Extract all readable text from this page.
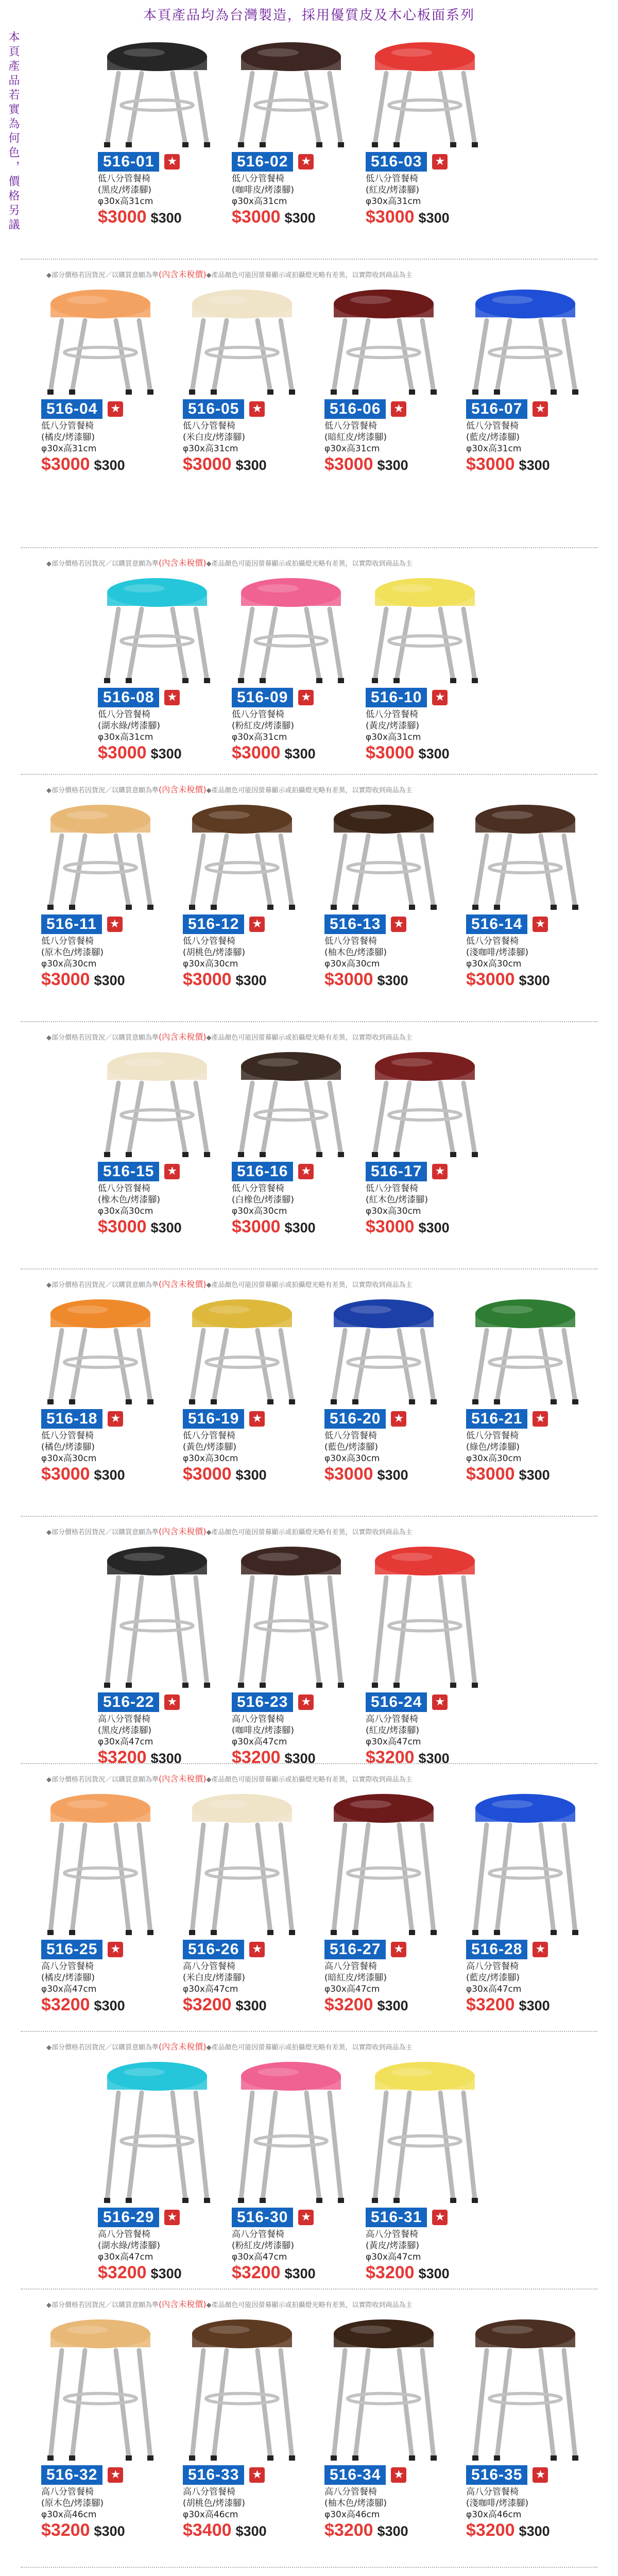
本頁產品均為台灣製造，採用優質皮及木心板面系列
本頁產品若實為何色，價格另議	516-01	★
低八分管餐椅
(黑皮/烤漆腳)
φ30x高31cm
$3000 $300
516-02	★
低八分管餐椅
(咖啡皮/烤漆腳)
φ30x高31cm
$3000 $300
516-03	★
低八分管餐椅
(紅皮/烤漆腳)
φ30x高31cm
$3000 $300
◆部分價格若因貨況／以購買意願為準(內含未稅價)◆產品顏色可能因螢幕顯示或拍攝燈光略有差異，以實際收到商品為主
516-04	★
低八分管餐椅
(橘皮/烤漆腳)
φ30x高31cm
$3000 $300
516-05	★
低八分管餐椅
(米白皮/烤漆腳)
φ30x高31cm
$3000 $300
516-06	★
低八分管餐椅
(暗紅皮/烤漆腳)
φ30x高31cm
$3000 $300
516-07	★
低八分管餐椅
(藍皮/烤漆腳)
φ30x高31cm
$3000 $300
◆部分價格若因貨況／以購買意願為準(內含未稅價)◆產品顏色可能因螢幕顯示或拍攝燈光略有差異，以實際收到商品為主
516-08	★
低八分管餐椅
(湖水綠/烤漆腳)
φ30x高31cm
$3000 $300
516-09	★
低八分管餐椅
(粉紅皮/烤漆腳)
φ30x高31cm
$3000 $300
516-10	★
低八分管餐椅
(黃皮/烤漆腳)
φ30x高31cm
$3000 $300
◆部分價格若因貨況／以購買意願為準(內含未稅價)◆產品顏色可能因螢幕顯示或拍攝燈光略有差異，以實際收到商品為主
516-11	★
低八分管餐椅
(原木色/烤漆腳)
φ30x高30cm
$3000 $300
516-12	★
低八分管餐椅
(胡桃色/烤漆腳)
φ30x高30cm
$3000 $300
516-13	★
低八分管餐椅
(柚木色/烤漆腳)
φ30x高30cm
$3000 $300
516-14	★
低八分管餐椅
(淺咖啡/烤漆腳)
φ30x高30cm
$3000 $300
◆部分價格若因貨況／以購買意願為準(內含未稅價)◆產品顏色可能因螢幕顯示或拍攝燈光略有差異，以實際收到商品為主
516-15	★
低八分管餐椅
(橡木色/烤漆腳)
φ30x高30cm
$3000 $300
516-16	★
低八分管餐椅
(白橡色/烤漆腳)
φ30x高30cm
$3000 $300
516-17	★
低八分管餐椅
(紅木色/烤漆腳)
φ30x高30cm
$3000 $300
◆部分價格若因貨況／以購買意願為準(內含未稅價)◆產品顏色可能因螢幕顯示或拍攝燈光略有差異，以實際收到商品為主
516-18	★
低八分管餐椅
(橘色/烤漆腳)
φ30x高30cm
$3000 $300
516-19	★
低八分管餐椅
(黃色/烤漆腳)
φ30x高30cm
$3000 $300
516-20	★
低八分管餐椅
(藍色/烤漆腳)
φ30x高30cm
$3000 $300
516-21	★
低八分管餐椅
(綠色/烤漆腳)
φ30x高30cm
$3000 $300
◆部分價格若因貨況／以購買意願為準(內含未稅價)◆產品顏色可能因螢幕顯示或拍攝燈光略有差異，以實際收到商品為主
516-22	★
高八分管餐椅
(黑皮/烤漆腳)
φ30x高47cm
$3200 $300
516-23	★
高八分管餐椅
(咖啡皮/烤漆腳)
φ30x高47cm
$3200 $300
516-24	★
高八分管餐椅
(紅皮/烤漆腳)
φ30x高47cm
$3200 $300
◆部分價格若因貨況／以購買意願為準(內含未稅價)◆產品顏色可能因螢幕顯示或拍攝燈光略有差異，以實際收到商品為主
516-25	★
高八分管餐椅
(橘皮/烤漆腳)
φ30x高47cm
$3200 $300
516-26	★
高八分管餐椅
(米白皮/烤漆腳)
φ30x高47cm
$3200 $300
516-27	★
高八分管餐椅
(暗紅皮/烤漆腳)
φ30x高47cm
$3200 $300
516-28	★
高八分管餐椅
(藍皮/烤漆腳)
φ30x高47cm
$3200 $300
◆部分價格若因貨況／以購買意願為準(內含未稅價)◆產品顏色可能因螢幕顯示或拍攝燈光略有差異，以實際收到商品為主
516-29	★
高八分管餐椅
(湖水綠/烤漆腳)
φ30x高47cm
$3200 $300
516-30	★
高八分管餐椅
(粉紅皮/烤漆腳)
φ30x高47cm
$3200 $300
516-31	★
高八分管餐椅
(黃皮/烤漆腳)
φ30x高47cm
$3200 $300
◆部分價格若因貨況／以購買意願為準(內含未稅價)◆產品顏色可能因螢幕顯示或拍攝燈光略有差異，以實際收到商品為主
516-32	★
高八分管餐椅
(原木色/烤漆腳)
φ30x高46cm
$3200 $300
516-33	★
高八分管餐椅
(胡桃色/烤漆腳)
φ30x高46cm
$3400 $300
516-34	★
高八分管餐椅
(柚木色/烤漆腳)
φ30x高46cm
$3200 $300
516-35	★
高八分管餐椅
(淺咖啡/烤漆腳)
φ30x高46cm
$3200 $300
